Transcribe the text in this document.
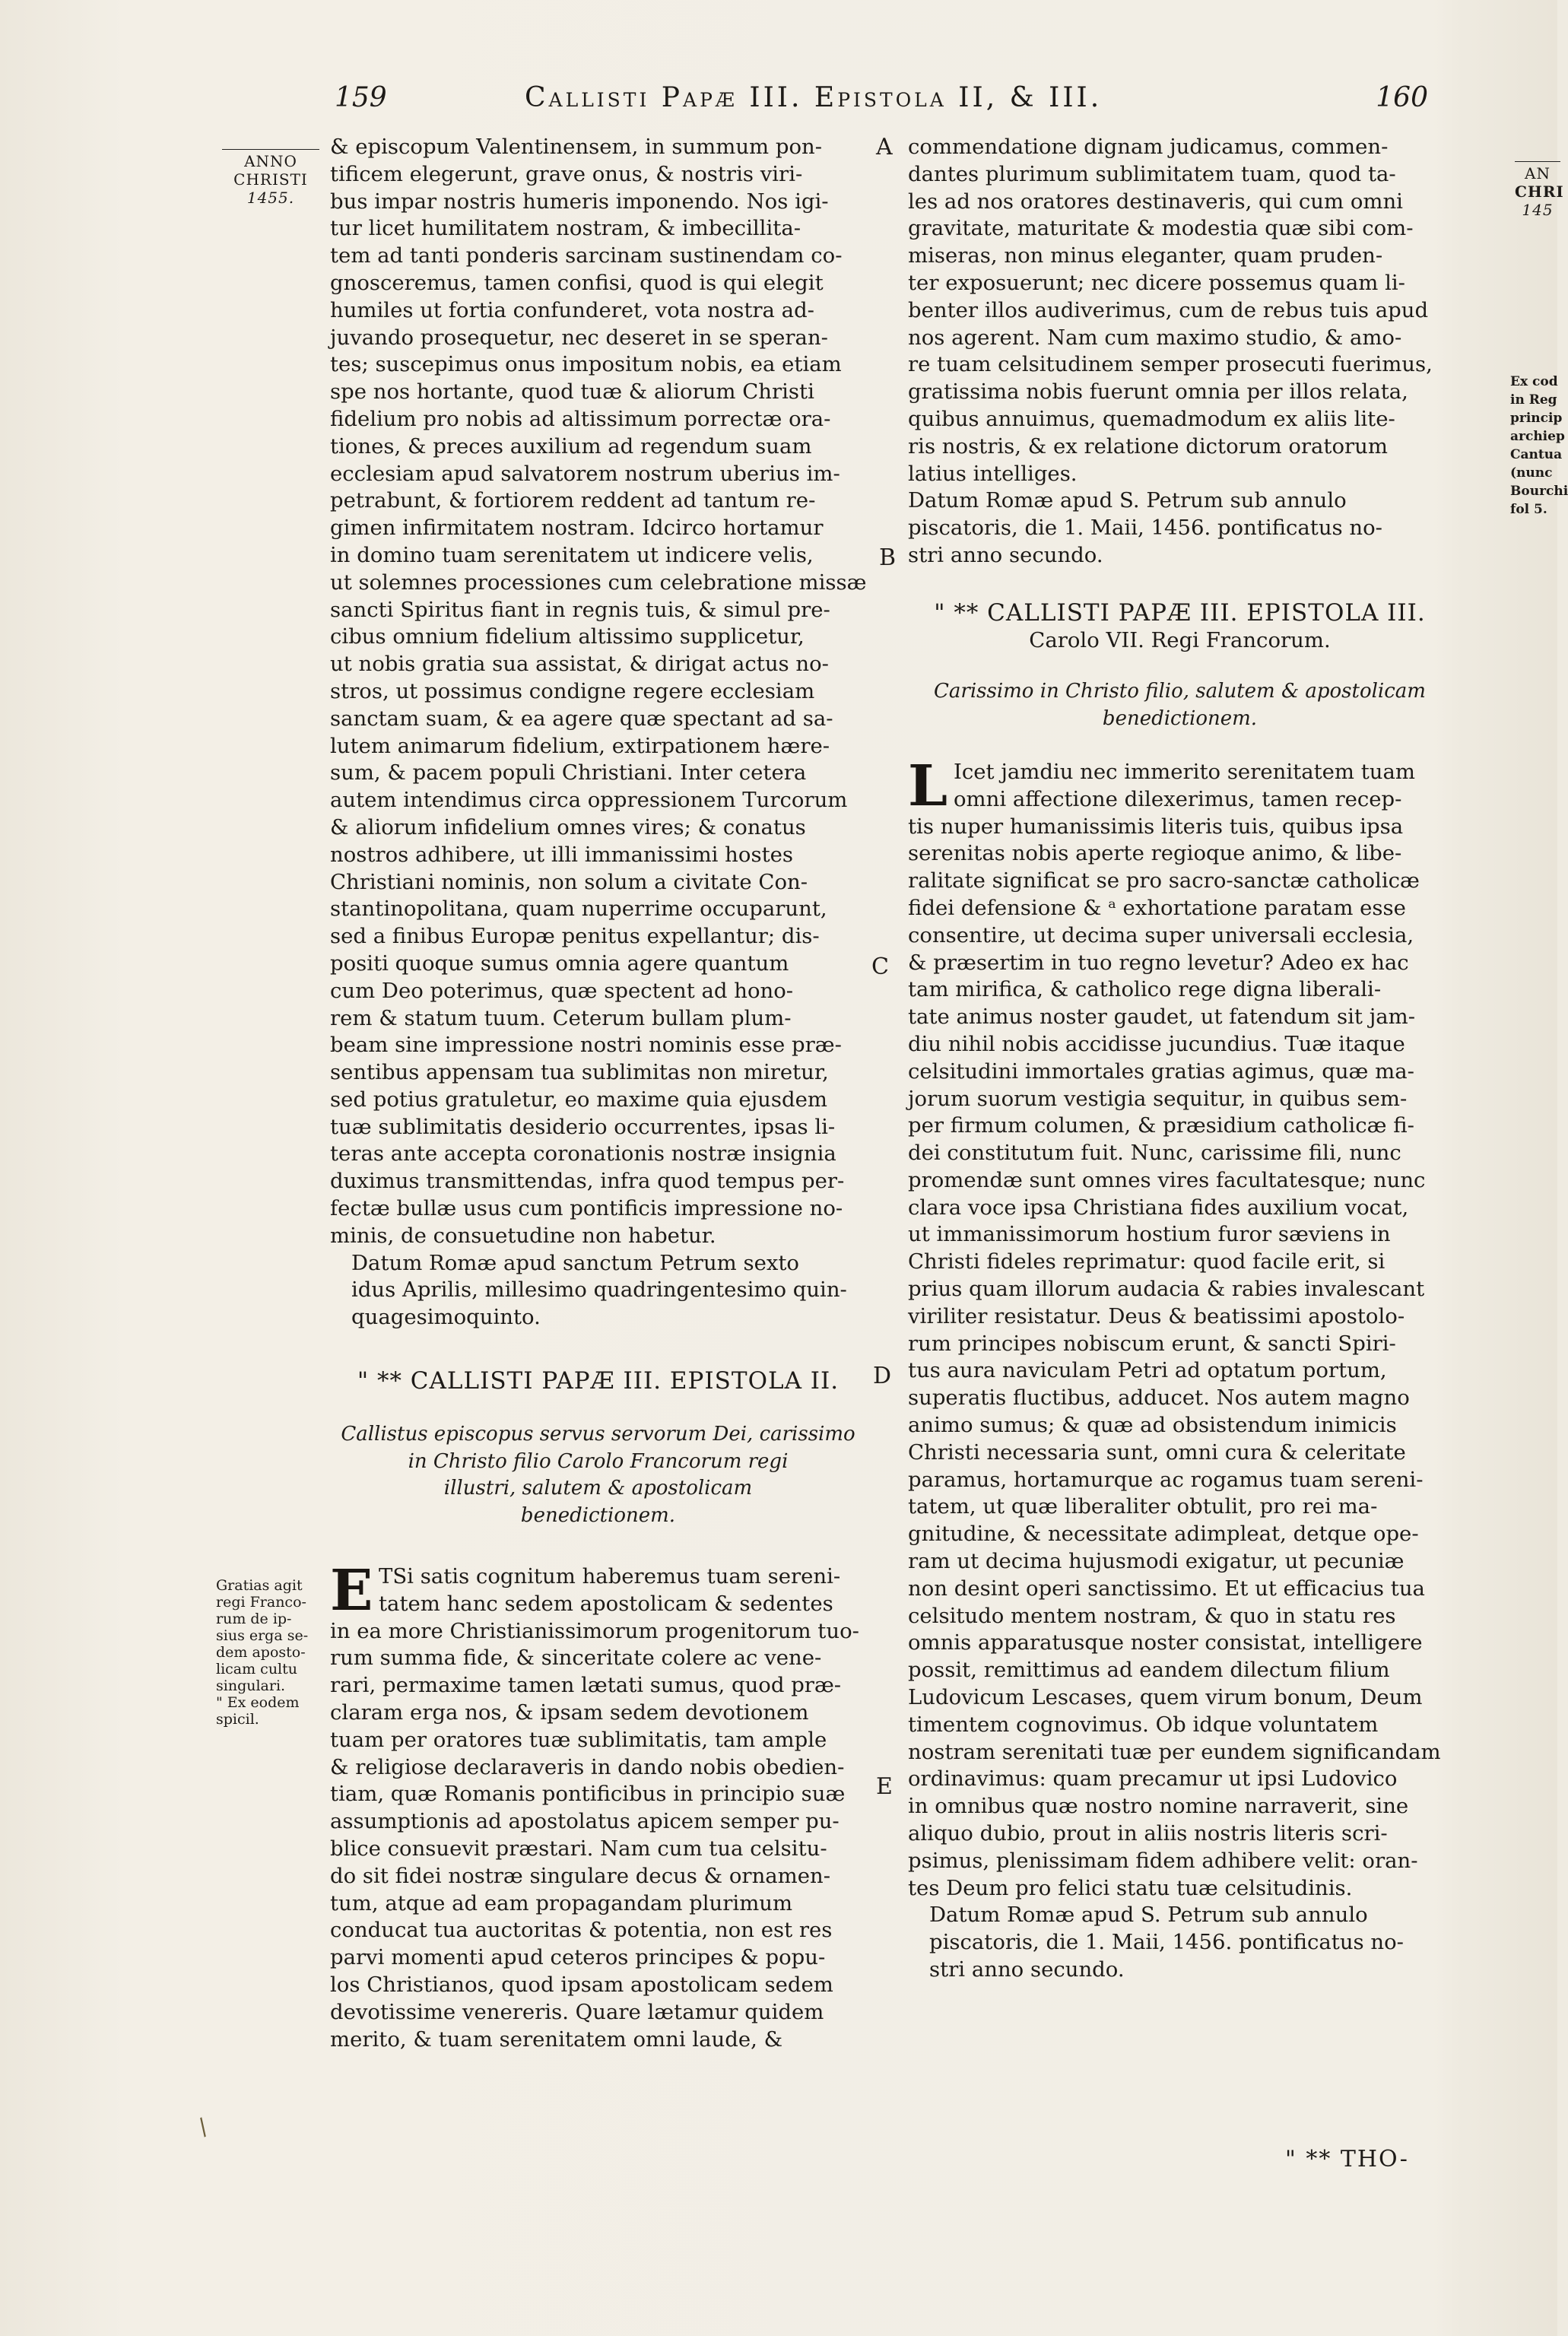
159	Callisti Papæ III. Epistola II, & III.	160
ANNO
CHRISTI
1455.
& episcopum Valentinensem, in summum pon-
tificem elegerunt, grave onus, & nostris viri-
bus impar nostris humeris imponendo. Nos igi-
tur licet humilitatem nostram, & imbecillita-
tem ad tanti ponderis sarcinam sustinendam co-
gnosceremus, tamen confisi, quod is qui elegit
humiles ut fortia confunderet, vota nostra ad-
juvando prosequetur, nec deseret in se speran-
tes; suscepimus onus impositum nobis, ea etiam
spe nos hortante, quod tuæ & aliorum Christi
fidelium pro nobis ad altissimum porrectæ ora-
tiones, & preces auxilium ad regendum suam
ecclesiam apud salvatorem nostrum uberius im-
petrabunt, & fortiorem reddent ad tantum re-
gimen infirmitatem nostram. Idcirco hortamur
in domino tuam serenitatem ut indicere velis,
ut solemnes processiones cum celebratione missæ
sancti Spiritus fiant in regnis tuis, & simul pre-
cibus omnium fidelium altissimo supplicetur,
ut nobis gratia sua assistat, & dirigat actus no-
stros, ut possimus condigne regere ecclesiam
sanctam suam, & ea agere quæ spectant ad sa-
lutem animarum fidelium, extirpationem hære-
sum, & pacem populi Christiani. Inter cetera
autem intendimus circa oppressionem Turcorum
& aliorum infidelium omnes vires; & conatus
nostros adhibere, ut illi immanissimi hostes
Christiani nominis, non solum a civitate Con-
stantinopolitana, quam nuperrime occuparunt,
sed a finibus Europæ penitus expellantur; dis-
positi quoque sumus omnia agere quantum
cum Deo poterimus, quæ spectent ad hono-
rem & statum tuum. Ceterum bullam plum-
beam sine impressione nostri nominis esse præ-
sentibus appensam tua sublimitas non miretur,
sed potius gratuletur, eo maxime quia ejusdem
tuæ sublimitatis desiderio occurrentes, ipsas li-
teras ante accepta coronationis nostræ insignia
duximus transmittendas, infra quod tempus per-
fectæ bullæ usus cum pontificis impressione no-
minis, de consuetudine non habetur.
Datum Romæ apud sanctum Petrum sexto
idus Aprilis, millesimo quadringentesimo quin-
quagesimoquinto.
" ** CALLISTI PAPÆ III. EPISTOLA II.
Callistus episcopus servus servorum Dei, carissimo
in Christo filio Carolo Francorum regi
illustri, salutem & apostolicam
benedictionem.
E TSi satis cognitum haberemus tuam sereni-
tatem hanc sedem apostolicam & sedentes
in ea more Christianissimorum progenitorum tuo-
rum summa fide, & sinceritate colere ac vene-
rari, permaxime tamen lætati sumus, quod præ-
claram erga nos, & ipsam sedem devotionem
tuam per oratores tuæ sublimitatis, tam ample
& religiose declaraveris in dando nobis obedien-
tiam, quæ Romanis pontificibus in principio suæ
assumptionis ad apostolatus apicem semper pu-
blice consuevit præstari. Nam cum tua celsitu-
do sit fidei nostræ singulare decus & ornamen-
tum, atque ad eam propagandam plurimum
conducat tua auctoritas & potentia, non est res
parvi momenti apud ceteros principes & popu-
los Christianos, quod ipsam apostolicam sedem
devotissime venereris. Quare lætamur quidem
merito, & tuam serenitatem omni laude, &
commendatione dignam judicamus, commen-
dantes plurimum sublimitatem tuam, quod ta-
les ad nos oratores destinaveris, qui cum omni
gravitate, maturitate & modestia quæ sibi com-
miseras, non minus eleganter, quam pruden-
ter exposuerunt; nec dicere possemus quam li-
benter illos audiverimus, cum de rebus tuis apud
nos agerent. Nam cum maximo studio, & amo-
re tuam celsitudinem semper prosecuti fuerimus,
gratissima nobis fuerunt omnia per illos relata,
quibus annuimus, quemadmodum ex aliis lite-
ris nostris, & ex relatione dictorum oratorum
latius intelliges.
Datum Romæ apud S. Petrum sub annulo
piscatoris, die 1. Maii, 1456. pontificatus no-
stri anno secundo.
" ** CALLISTI PAPÆ III. EPISTOLA III.
Carolo VII. Regi Francorum.
Carissimo in Christo filio, salutem & apostolicam
benedictionem.
L Icet jamdiu nec immerito serenitatem tuam
omni affectione dilexerimus, tamen recep-
tis nuper humanissimis literis tuis, quibus ipsa
serenitas nobis aperte regioque animo, & libe-
ralitate significat se pro sacro-sanctæ catholicæ
fidei defensione & ᵃ exhortatione paratam esse
consentire, ut decima super universali ecclesia,
& præsertim in tuo regno levetur? Adeo ex hac
tam mirifica, & catholico rege digna liberali-
tate animus noster gaudet, ut fatendum sit jam-
diu nihil nobis accidisse jucundius. Tuæ itaque
celsitudini immortales gratias agimus, quæ ma-
jorum suorum vestigia sequitur, in quibus sem-
per firmum columen, & præsidium catholicæ fi-
dei constitutum fuit. Nunc, carissime fili, nunc
promendæ sunt omnes vires facultatesque; nunc
clara voce ipsa Christiana fides auxilium vocat,
ut immanissimorum hostium furor sæviens in
Christi fideles reprimatur: quod facile erit, si
prius quam illorum audacia & rabies invalescant
viriliter resistatur. Deus & beatissimi apostolo-
rum principes nobiscum erunt, & sancti Spiri-
tus aura naviculam Petri ad optatum portum,
superatis fluctibus, adducet. Nos autem magno
animo sumus; & quæ ad obsistendum inimicis
Christi necessaria sunt, omni cura & celeritate
paramus, hortamurque ac rogamus tuam sereni-
tatem, ut quæ liberaliter obtulit, pro rei ma-
gnitudine, & necessitate adimpleat, detque ope-
ram ut decima hujusmodi exigatur, ut pecuniæ
non desint operi sanctissimo. Et ut efficacius tua
celsitudo mentem nostram, & quo in statu res
omnis apparatusque noster consistat, intelligere
possit, remittimus ad eandem dilectum filium
Ludovicum Lescases, quem virum bonum, Deum
timentem cognovimus. Ob idque voluntatem
nostram serenitati tuæ per eundem significandam
ordinavimus: quam precamur ut ipsi Ludovico
in omnibus quæ nostro nomine narraverit, sine
aliquo dubio, prout in aliis nostris literis scri-
psimus, plenissimam fidem adhibere velit: oran-
tes Deum pro felici statu tuæ celsitudinis.
Datum Romæ apud S. Petrum sub annulo
piscatoris, die 1. Maii, 1456. pontificatus no-
stri anno secundo.
A
B
C
D
E
Gratias agit
regi Franco-
rum de ip-
sius erga se-
dem aposto-
licam cultu
singulari.
" Ex eodem
spicil.
AN
CHRI
145
Ex cod
in Reg
princip
archiep
Cantua
(nunc
Bourchi
fol 5.
" ** THO-
/
